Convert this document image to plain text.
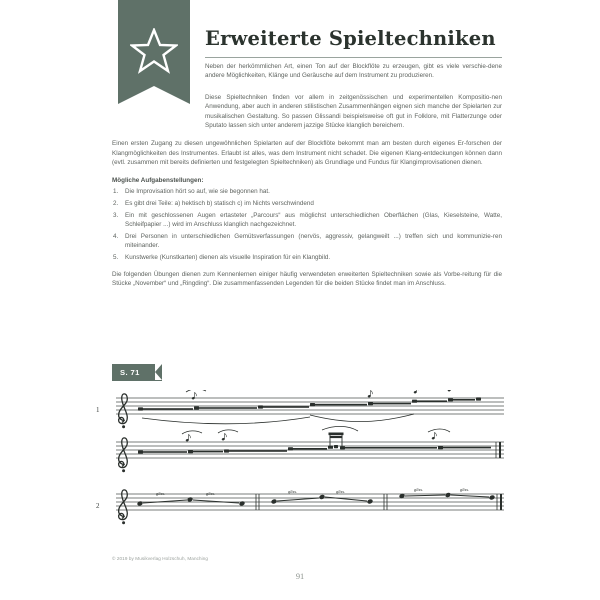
Erweiterte Spieltechniken

Neben der herkömmlichen Art, einen Ton auf der Blockflöte zu erzeugen, gibt es viele verschie-dene andere Möglichkeiten, Klänge und Geräusche auf dem Instrument zu produzieren.

Diese Spieltechniken finden vor allem in zeitgenössischen und experimentellen Kompositio-nen Anwendung, aber auch in anderen stilistischen Zusammenhängen eignen sich manche der Spielarten zur musikalischen Gestaltung. So passen Glissandi beispielsweise oft gut in Folklore, mit Flatterzunge oder Sputato lassen sich unter anderem jazzige Stücke klanglich bereichern.

Einen ersten Zugang zu diesen ungewöhnlichen Spielarten auf der Blockflöte bekommt man am besten durch eigenes Er-forschen der Klangmöglichkeiten des Instrumentes. Erlaubt ist alles, was dem Instrument nicht schadet. Die eigenen Klang-entdeckungen können dann (evtl. zusammen mit bereits definierten und festgelegten Spieltechniken) als Grundlage und Fundus für Klangimprovisationen dienen.

Mögliche Aufgabenstellungen:
Die Improvisation hört so auf, wie sie begonnen hat.
Es gibt drei Teile: a) hektisch b) statisch c) im Nichts verschwindend
Ein mit geschlossenen Augen ertasteter „Parcours“ aus möglichst unterschiedlichen Oberflächen (Glas, Kieselsteine, Watte, Schleifpapier ...) wird im Anschluss klanglich nachgezeichnet.
Drei Personen in unterschiedlichen Gemütsverfassungen (nervös, aggressiv, gelangweilt ...) treffen sich und kommunizie-ren miteinander.
Kunstwerke (Kunstkarten) dienen als visuelle Inspiration für ein Klangbild.

Die folgenden Übungen dienen zum Kennenlernen einiger häufig verwendeten erweiterten Spieltechniken sowie als Vorbe-reitung für die Stücke „November“ und „Ringding“. Die zusammenfassenden Legenden für die beiden Stücke findet man im Anschluss.

S. 71
1
2
gliss.	gliss.	gliss.	gliss.	gliss.	gliss.
© 2019 by Musikverlag Holzschuh, Manching
91
